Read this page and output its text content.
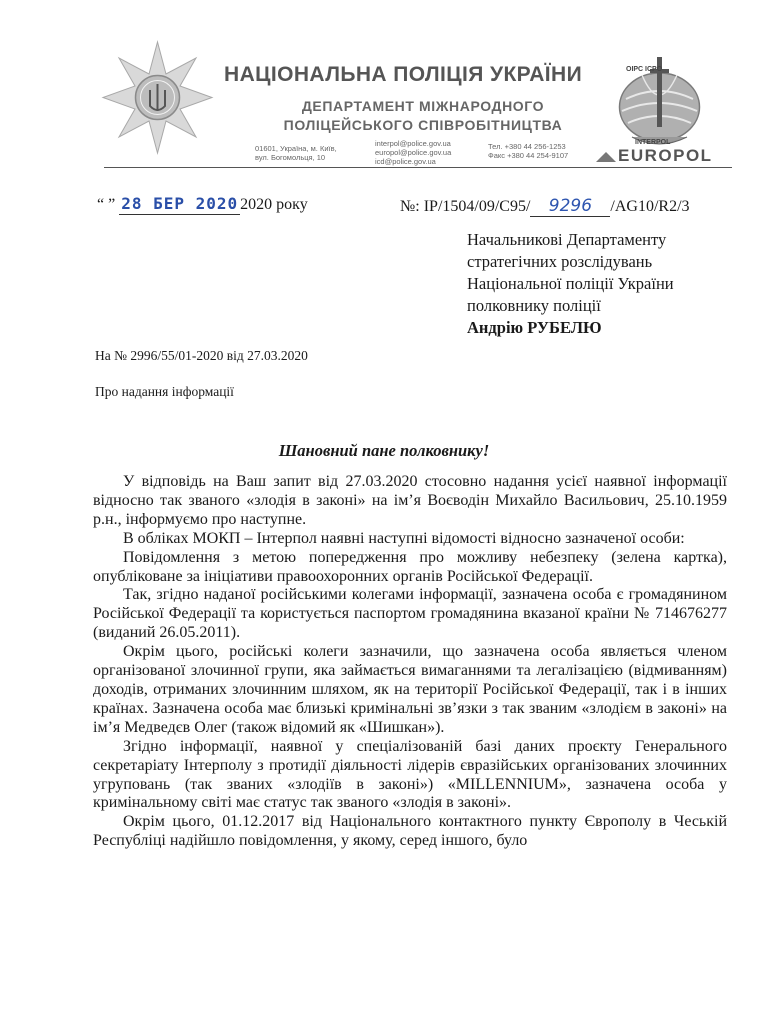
НАЦІОНАЛЬНА ПОЛІЦІЯ УКРАЇНИ
ДЕПАРТАМЕНТ МІЖНАРОДНОГО
ПОЛІЦЕЙСЬКОГО СПІВРОБІТНИЦТВА
01601, Україна, м. Київ,
вул. Богомольця, 10
interpol@police.gov.ua
europol@police.gov.ua
icd@police.gov.ua
Тел. +380 44 256-1253
Факс +380 44 254-9107
OIPC ICPO
INTERPOL
EUROPOL
“ ” 28 БЕР 2020 2020 року	№: IP/1504/09/C95/ 9296 /AG10/R2/3
Начальникові Департаменту
стратегічних розслідувань
Національної поліції України
полковнику поліції
Андрію РУБЕЛЮ
На № 2996/55/01-2020 від 27.03.2020
Про надання інформації
Шановний пане полковнику!

У відповідь на Ваш запит від 27.03.2020 стосовно надання усієї наявної інформації відносно так званого «злодія в законі» на ім’я Воєводін Михайло Васильович, 25.10.1959 р.н., інформуємо про наступне.

В обліках МОКП – Інтерпол наявні наступні відомості відносно зазначеної особи:

Повідомлення з метою попередження про можливу небезпеку (зелена картка), опубліковане за ініціативи правоохоронних органів Російської Федерації.

Так, згідно наданої російськими колегами інформації, зазначена особа є громадянином Російської Федерації та користується паспортом громадянина вказаної країни № 714676277 (виданий 26.05.2011).

Окрім цього, російські колеги зазначили, що зазначена особа являється членом організованої злочинної групи, яка займається вимаганнями та легалізацією (відмиванням) доходів, отриманих злочинним шляхом, як на території Російської Федерації, так і в інших країнах. Зазначена особа має близькі кримінальні зв’язки з так званим «злодієм в законі» на ім’я Медведєв Олег (також відомий як «Шишкан»).

Згідно інформації, наявної у спеціалізованій базі даних проєкту Генерального секретаріату Інтерполу з протидії діяльності лідерів євразійських організованих злочинних угруповань (так званих «злодіїв в законі») «MILLENNIUM», зазначена особа у кримінальному світі має статус так званого «злодія в законі».

Окрім цього, 01.12.2017 від Національного контактного пункту Європолу в Чеській Республіці надійшло повідомлення, у якому, серед іншого, було
